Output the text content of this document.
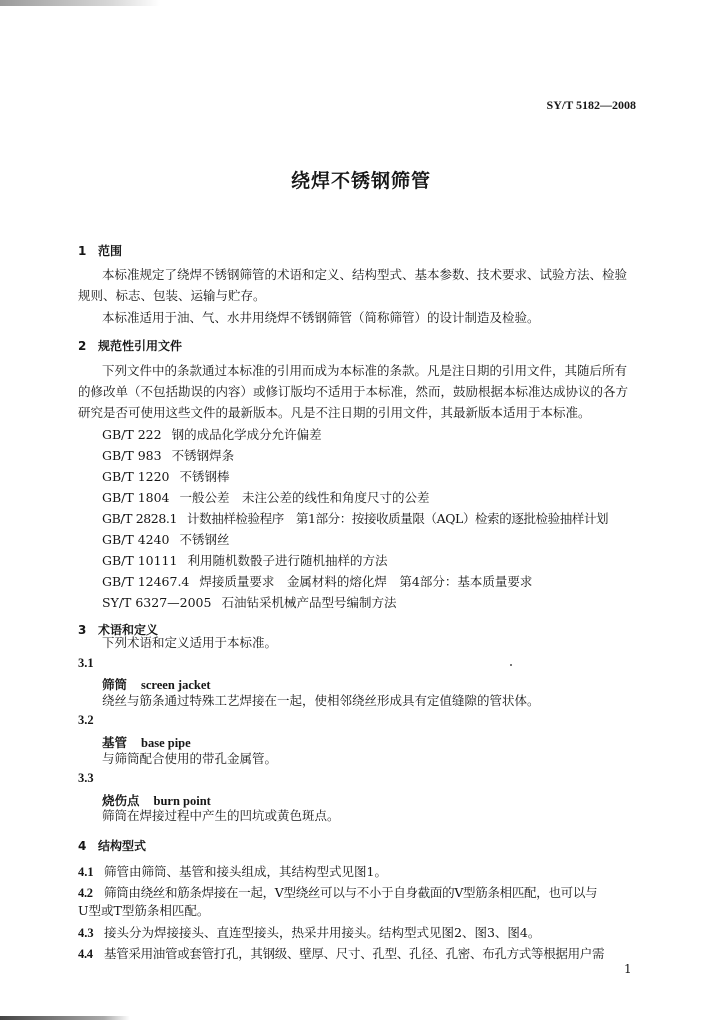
SY/T 5182—2008
绕焊不锈钢筛管
1 范围
本标准规定了绕焊不锈钢筛管的术语和定义、结构型式、基本参数、技术要求、试验方法、检验
规则、标志、包装、运输与贮存。
本标准适用于油、气、水井用绕焊不锈钢筛管（简称筛管）的设计制造及检验。
2 规范性引用文件
下列文件中的条款通过本标准的引用而成为本标准的条款。凡是注日期的引用文件，其随后所有
的修改单（不包括勘误的内容）或修订版均不适用于本标准，然而，鼓励根据本标准达成协议的各方
研究是否可使用这些文件的最新版本。凡是不注日期的引用文件，其最新版本适用于本标准。
GB/T 222 钢的成品化学成分允许偏差
GB/T 983 不锈钢焊条
GB/T 1220 不锈钢棒
GB/T 1804 一般公差　未注公差的线性和角度尺寸的公差
GB/T 2828.1 计数抽样检验程序　第1部分：按接收质量限（AQL）检索的逐批检验抽样计划
GB/T 4240 不锈钢丝
GB/T 10111 利用随机数骰子进行随机抽样的方法
GB/T 12467.4 焊接质量要求　金属材料的熔化焊　第4部分：基本质量要求
SY/T 6327—2005 石油钻采机械产品型号编制方法
3 术语和定义
下列术语和定义适用于本标准。
3.1
筛筒 screen jacket
绕丝与筋条通过特殊工艺焊接在一起，使相邻绕丝形成具有定值缝隙的管状体。
3.2
基管 base pipe
与筛筒配合使用的带孔金属管。
3.3
烧伤点 burn point
筛筒在焊接过程中产生的凹坑或黄色斑点。
4 结构型式
4.1 筛管由筛筒、基管和接头组成，其结构型式见图1。
4.2 筛筒由绕丝和筋条焊接在一起，V型绕丝可以与不小于自身截面的V型筋条相匹配，也可以与
U型或T型筋条相匹配。
4.3 接头分为焊接接头、直连型接头，热采井用接头。结构型式见图2、图3、图4。
4.4 基管采用油管或套管打孔，其钢级、壁厚、尺寸、孔型、孔径、孔密、布孔方式等根据用户需
1
